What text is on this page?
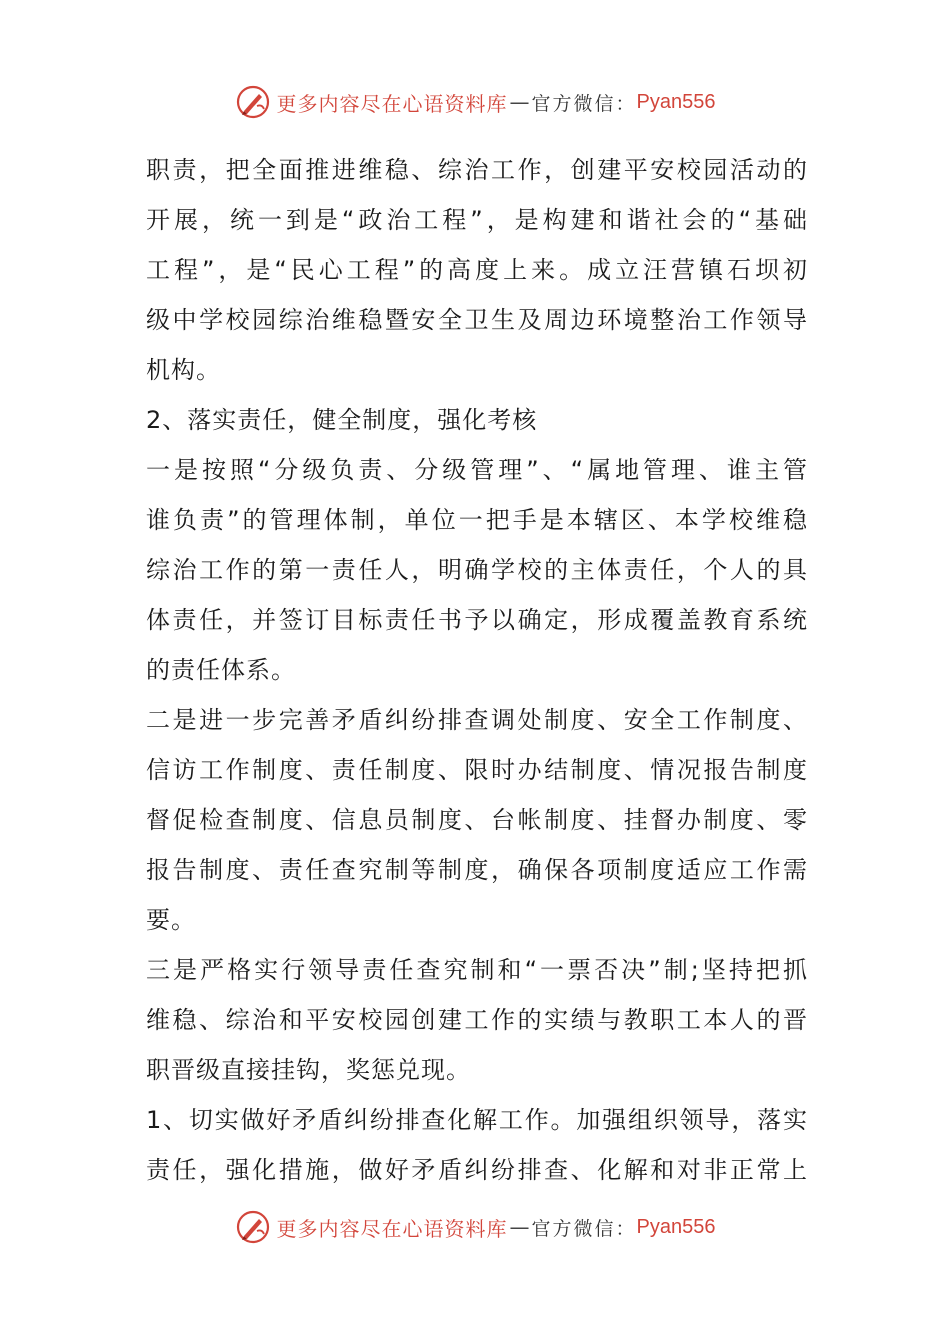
更多内容尽在心语资料库 — 官方微信： Pyan556
职责，把全面推进维稳、综治工作，创建平安校园活动的
开展，统一到是“政治工程”，是构建和谐社会的“基础
工程”，是“民心工程”的高度上来。成立汪营镇石坝初
级中学校园综治维稳暨安全卫生及周边环境整治工作领导
机构。
2、落实责任，健全制度，强化考核
一是按照“分级负责、分级管理”、“属地管理、谁主管
谁负责”的管理体制，单位一把手是本辖区、本学校维稳
综治工作的第一责任人，明确学校的主体责任，个人的具
体责任，并签订目标责任书予以确定，形成覆盖教育系统
的责任体系。
二是进一步完善矛盾纠纷排查调处制度、安全工作制度、
信访工作制度、责任制度、限时办结制度、情况报告制度
督促检查制度、信息员制度、台帐制度、挂督办制度、零
报告制度、责任查究制等制度，确保各项制度适应工作需
要。
三是严格实行领导责任查究制和“一票否决”制;坚持把抓
维稳、综治和平安校园创建工作的实绩与教职工本人的晋
职晋级直接挂钩，奖惩兑现。
1、切实做好矛盾纠纷排查化解工作。加强组织领导，落实
责任，强化措施，做好矛盾纠纷排查、化解和对非正常上
更多内容尽在心语资料库 — 官方微信： Pyan556
